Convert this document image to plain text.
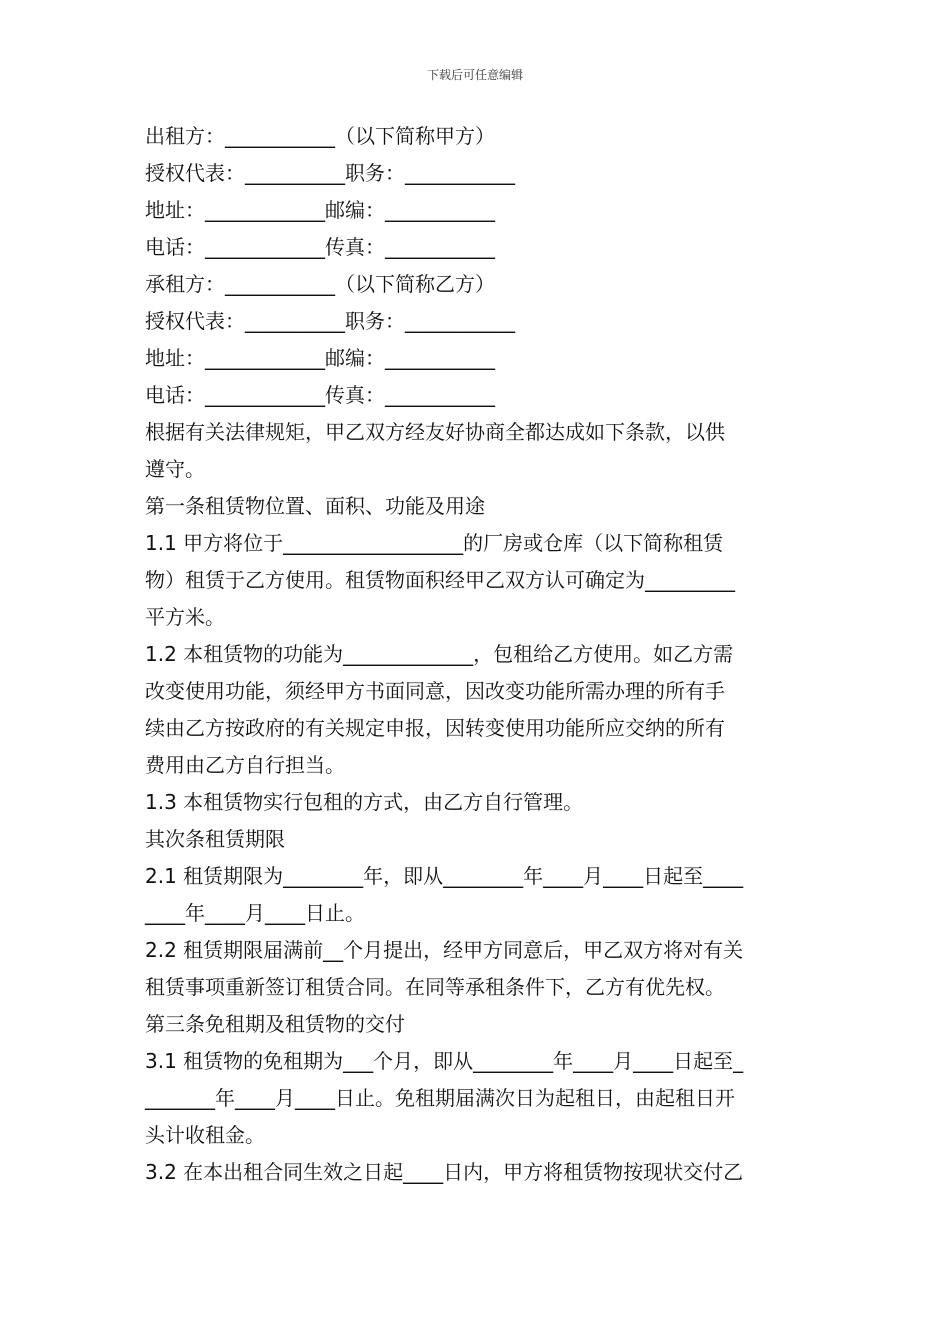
下载后可任意编辑
出租方：___________（以下简称甲方）
授权代表：__________职务：___________
地址：____________邮编：___________
电话：____________传真：___________
承租方：___________（以下简称乙方）
授权代表：__________职务：___________
地址：____________邮编：___________
电话：____________传真：___________
根据有关法律规矩，甲乙双方经友好协商全都达成如下条款，以供
遵守。
第一条租赁物位置、面积、功能及用途
1.1 甲方将位于__________________的厂房或仓库（以下简称租赁
物）租赁于乙方使用。租赁物面积经甲乙双方认可确定为_________
平方米。
1.2 本租赁物的功能为_____________，包租给乙方使用。如乙方需
改变使用功能，须经甲方书面同意，因改变功能所需办理的所有手
续由乙方按政府的有关规定申报，因转变使用功能所应交纳的所有
费用由乙方自行担当。
1.3 本租赁物实行包租的方式，由乙方自行管理。
其次条租赁期限
2.1 租赁期限为________年，即从________年____月____日起至____
____年____月____日止。
2.2 租赁期限届满前__个月提出，经甲方同意后，甲乙双方将对有关
租赁事项重新签订租赁合同。在同等承租条件下，乙方有优先权。
第三条免租期及租赁物的交付
3.1 租赁物的免租期为___个月，即从________年____月____日起至_
_______年____月____日止。免租期届满次日为起租日，由起租日开
头计收租金。
3.2 在本出租合同生效之日起____日内，甲方将租赁物按现状交付乙
